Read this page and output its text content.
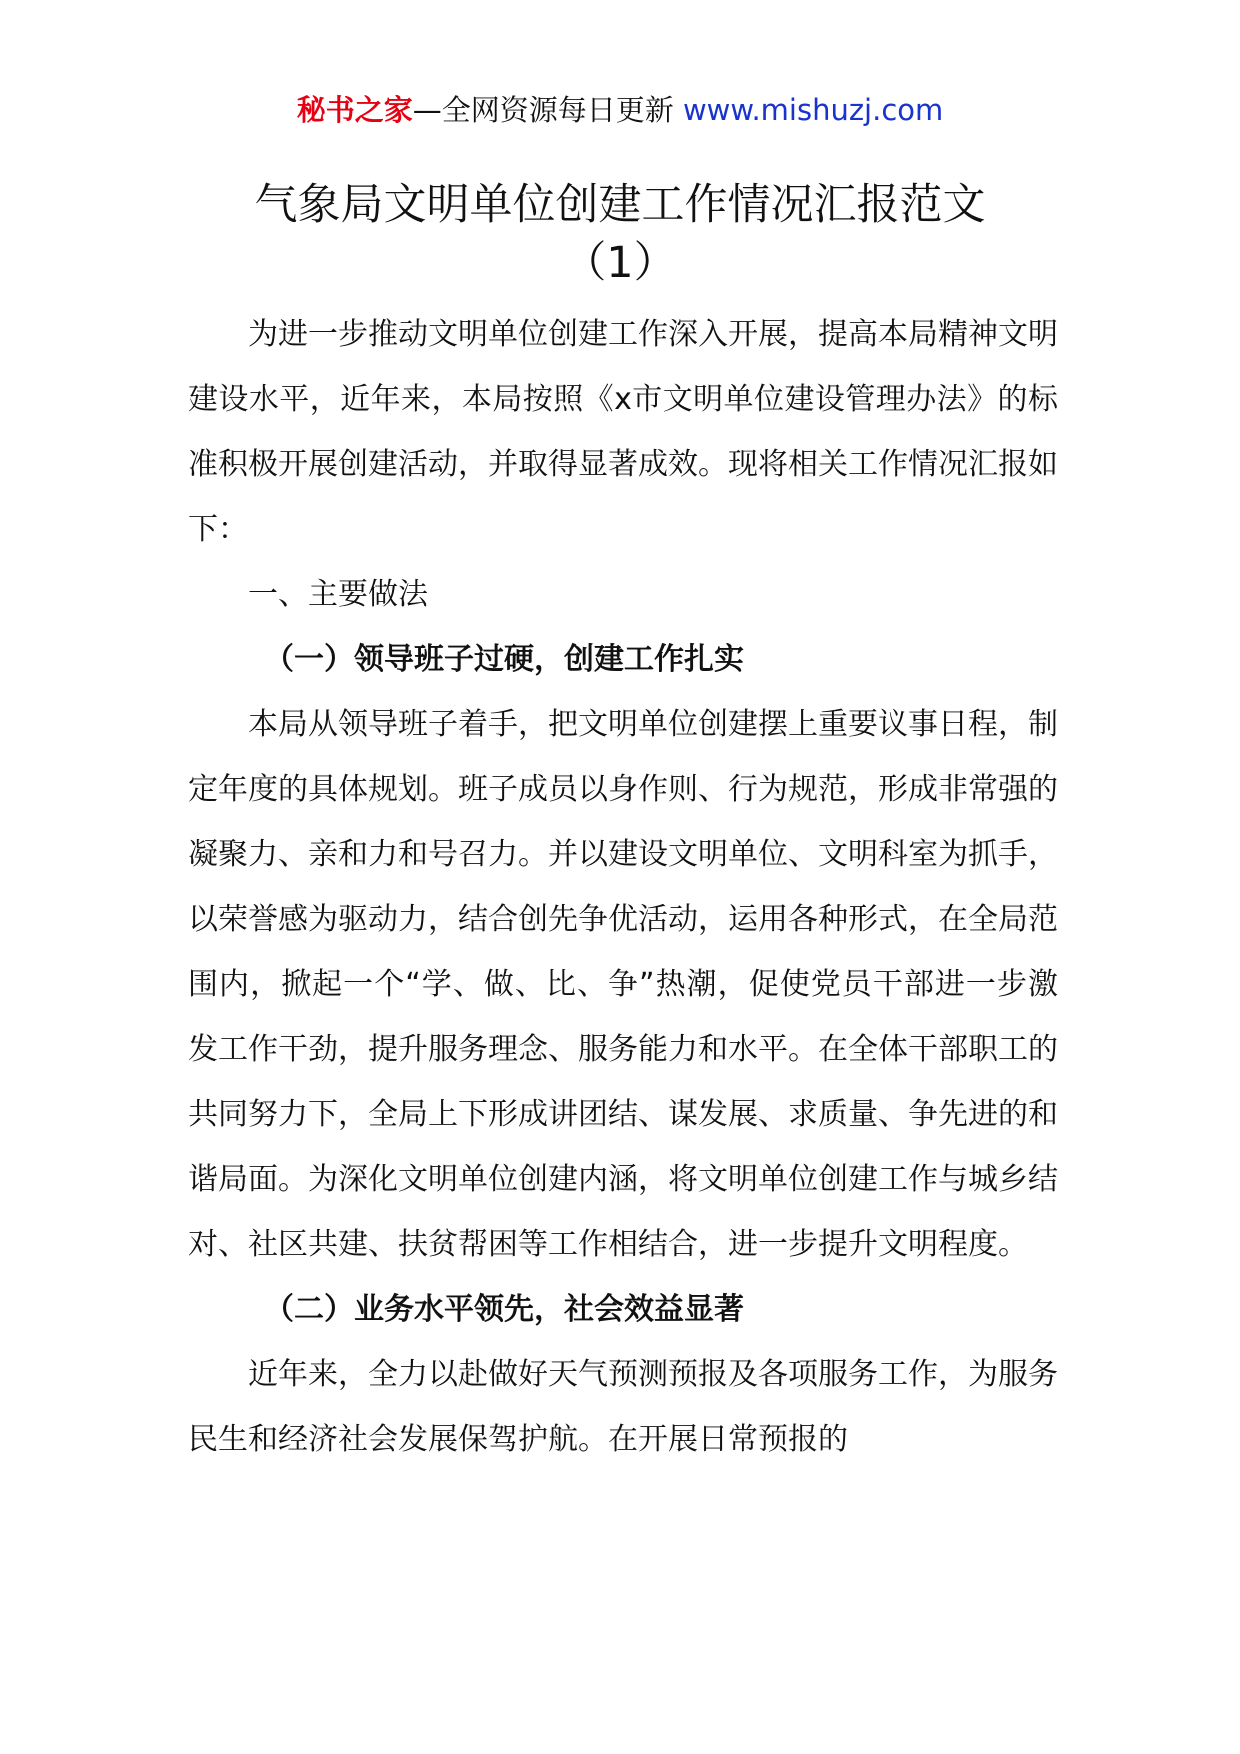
秘书之家—全网资源每日更新 www.mishuzj.com
气象局文明单位创建工作情况汇报范文
（1）

为进一步推动文明单位创建工作深入开展，提高本局精神文明建设水平，近年来，本局按照《x市文明单位建设管理办法》的标准积极开展创建活动，并取得显著成效。现将相关工作情况汇报如下：

一、主要做法

（一）领导班子过硬，创建工作扎实

本局从领导班子着手，把文明单位创建摆上重要议事日程，制定年度的具体规划。班子成员以身作则、行为规范，形成非常强的凝聚力、亲和力和号召力。并以建设文明单位、文明科室为抓手，以荣誉感为驱动力，结合创先争优活动，运用各种形式，在全局范围内，掀起一个“学、做、比、争”热潮，促使党员干部进一步激发工作干劲，提升服务理念、服务能力和水平。在全体干部职工的共同努力下，全局上下形成讲团结、谋发展、求质量、争先进的和谐局面。为深化文明单位创建内涵，将文明单位创建工作与城乡结对、社区共建、扶贫帮困等工作相结合，进一步提升文明程度。

（二）业务水平领先，社会效益显著

近年来，全力以赴做好天气预测预报及各项服务工作，为服务民生和经济社会发展保驾护航。在开展日常预报的
